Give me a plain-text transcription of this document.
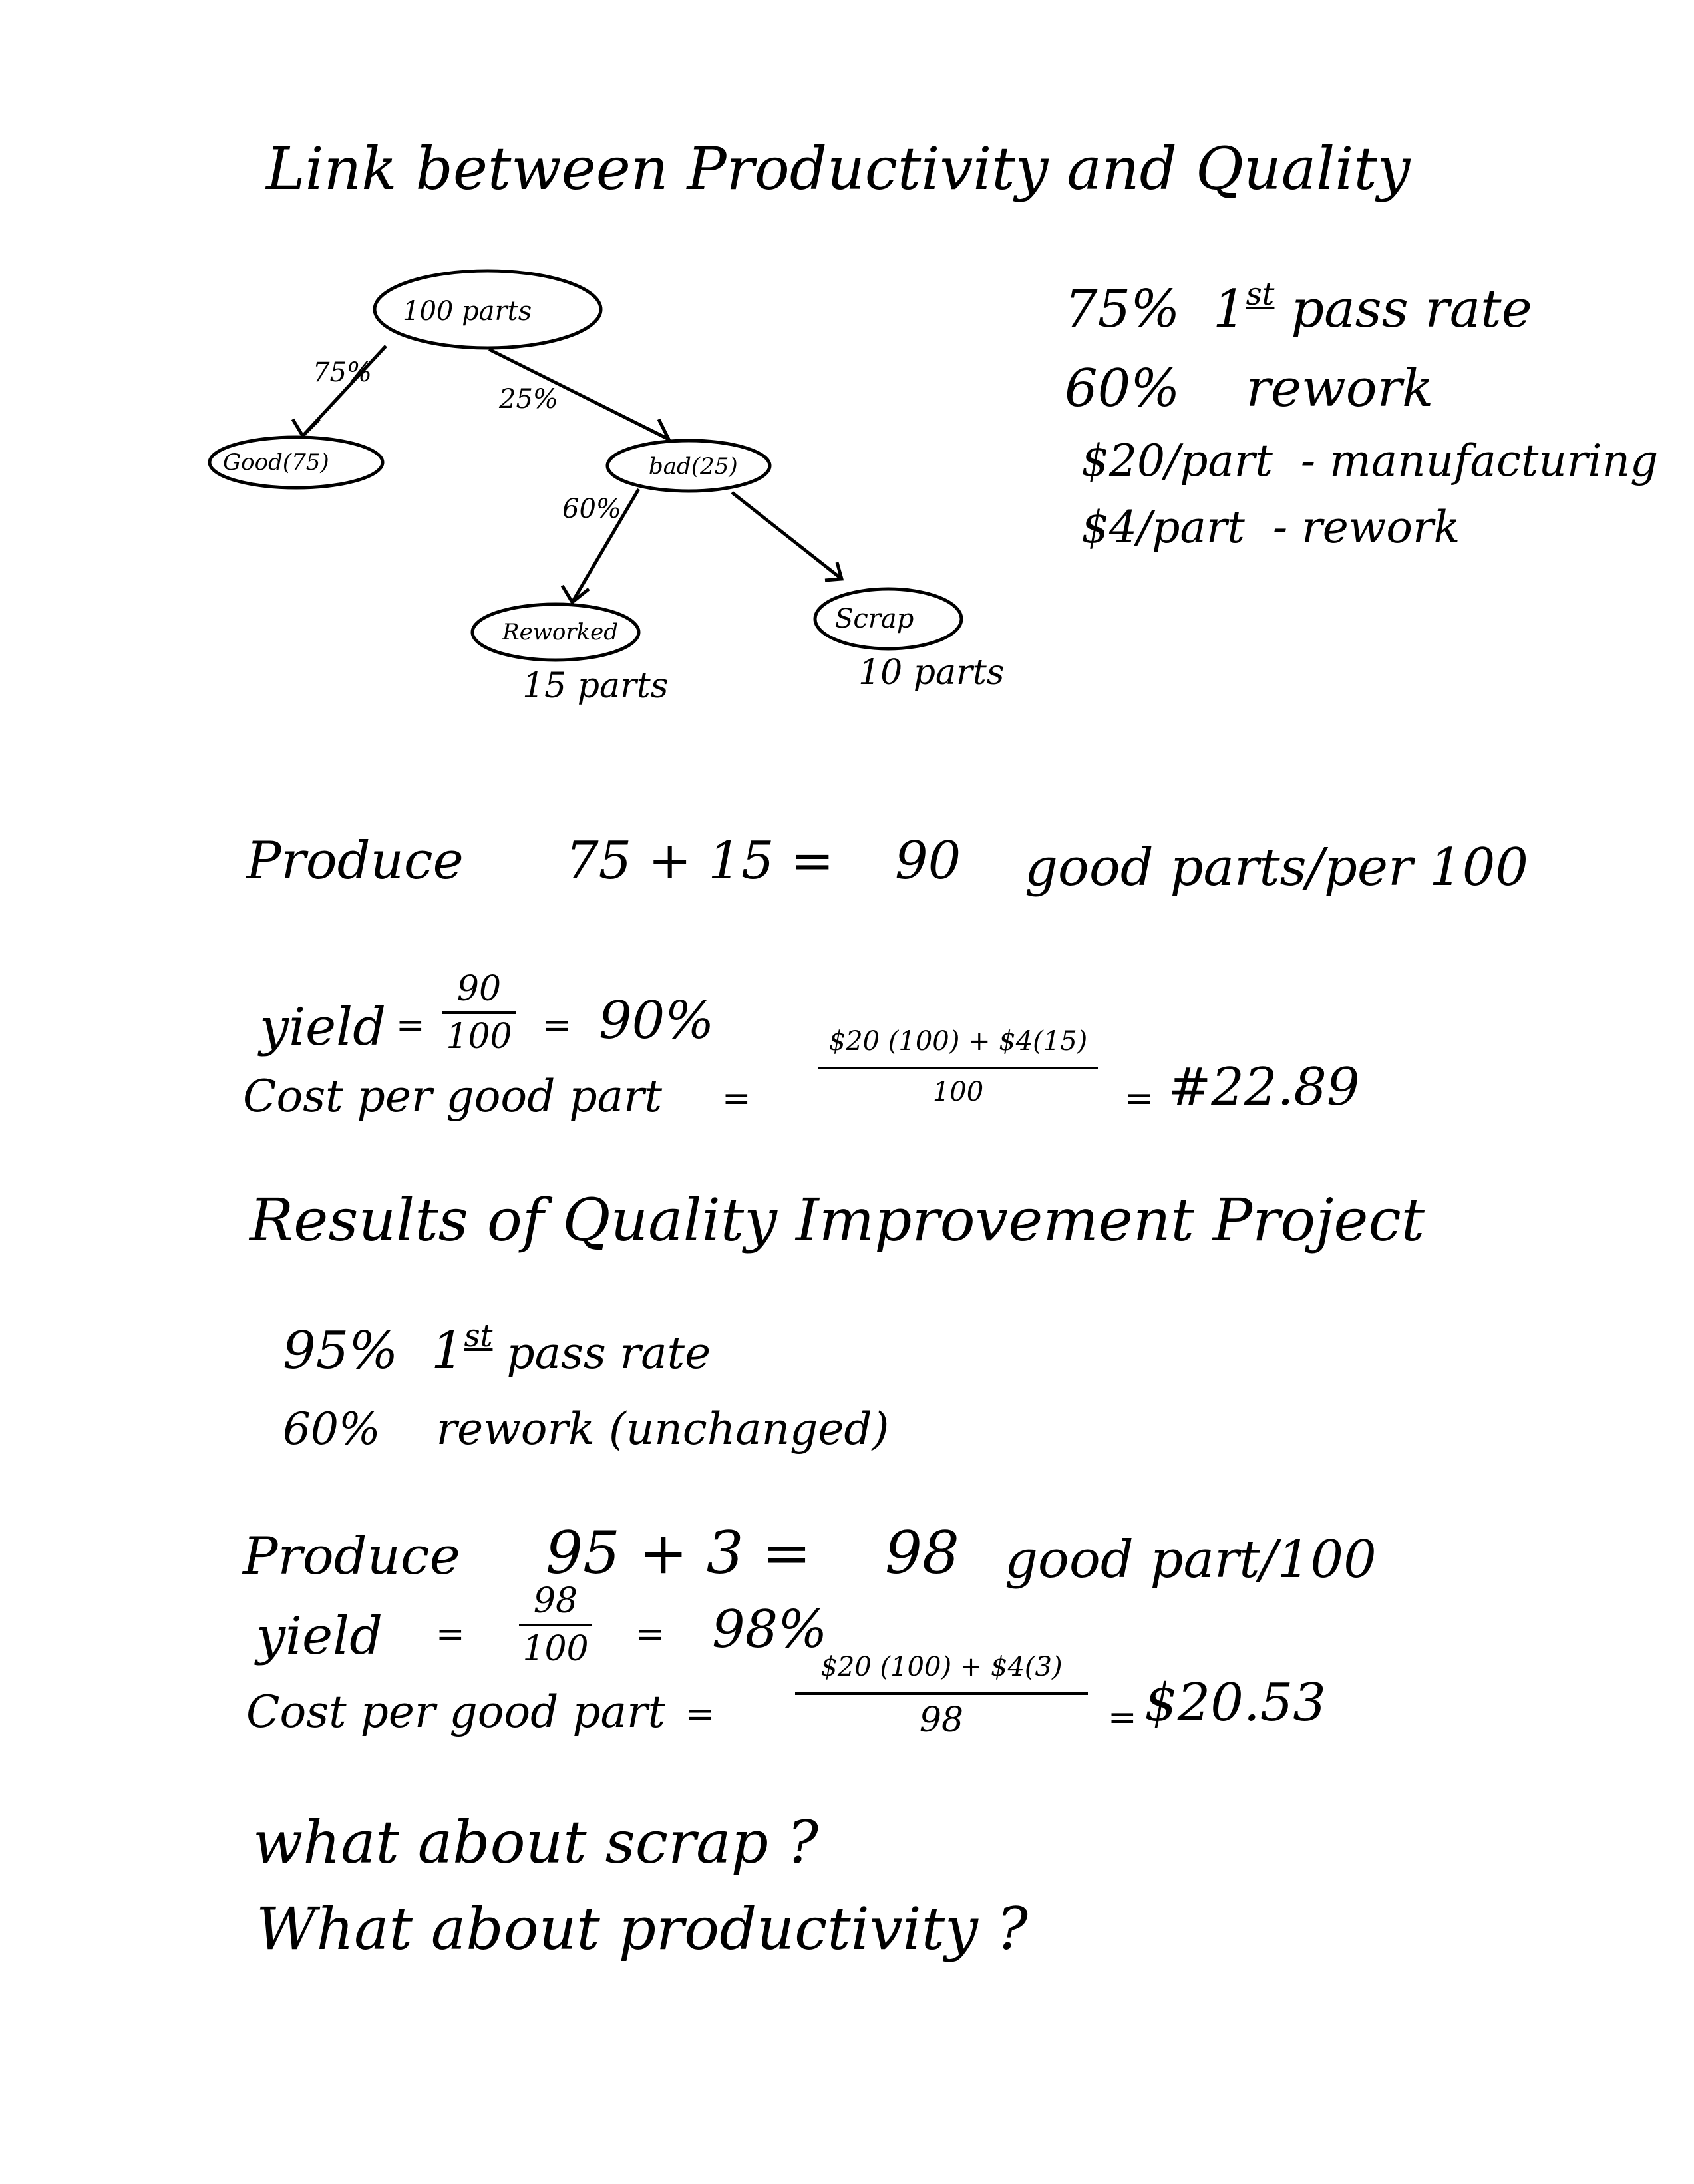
Link between Productivity and Quality
100 parts
Good(75)	bad(25)
Reworked	Scrap
75%
25%
60%
15 parts	10 parts
75% 1st pass rate
60% rework
$20/part - manufacturing
$4/part - rework
Produce 75 + 15 = 90 good parts/per 100
yield =
90
100 = 90%
Cost per good part =
$20 (100) + $4(15)
100	= #22.89
Results of Quality Improvement Project
95% 1st pass rate
60% rework (unchanged)
Produce 95 + 3 = 98 good part/100
yield =
98
100 = 98%
Cost per good part =
$20 (100) + $4(3)
98	= $20.53
what about scrap ?
What about productivity ?
